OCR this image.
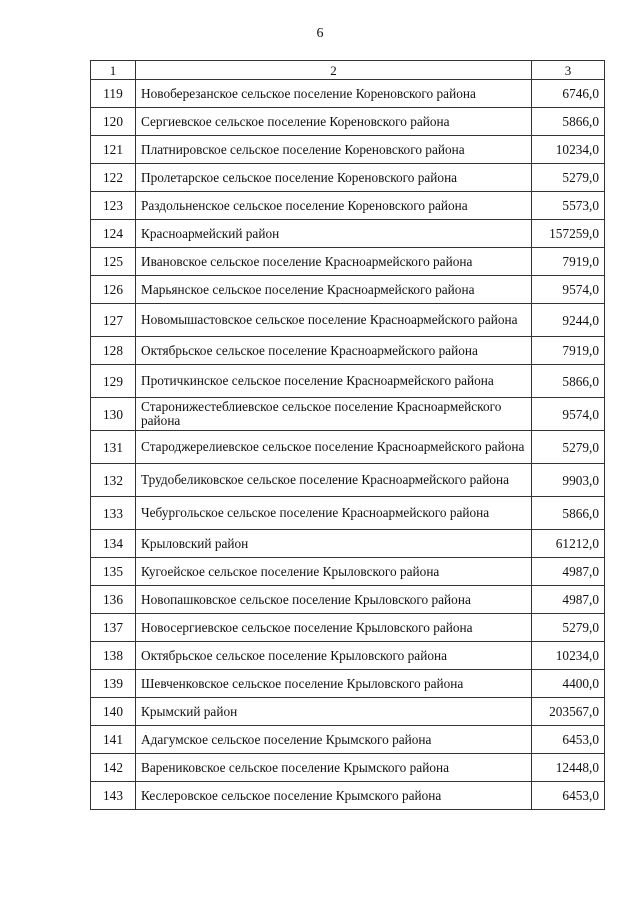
6
1	2	3
119	Новоберезанское сельское поселение Кореновского района	6746,0
120	Сергиевское сельское поселение Кореновского района	5866,0
121	Платнировское сельское поселение Кореновского района	10234,0
122	Пролетарское сельское поселение Кореновского района	5279,0
123	Раздольненское сельское поселение Кореновского района	5573,0
124	Красноармейский район	157259,0
125	Ивановское сельское поселение Красноармейского района	7919,0
126	Марьянское сельское поселение Красноармейского района	9574,0
127	Новомышастовское сельское поселение Красноармейского района	9244,0
128	Октябрьское сельское поселение Красноармейского района	7919,0
129	Протичкинское сельское поселение Красноармейского района	5866,0
130	Старонижестеблиевское сельское поселение Красноармейского района	9574,0
131	Староджерелиевское сельское поселение Красноармейского района	5279,0
132	Трудобеликовское сельское поселение Красноармейского района	9903,0
133	Чебургольское сельское поселение Красноармейского района	5866,0
134	Крыловский район	61212,0
135	Кугоейское сельское поселение Крыловского района	4987,0
136	Новопашковское сельское поселение Крыловского района	4987,0
137	Новосергиевское сельское поселение Крыловского района	5279,0
138	Октябрьское сельское поселение Крыловского района	10234,0
139	Шевченковское сельское поселение Крыловского района	4400,0
140	Крымский район	203567,0
141	Адагумское сельское поселение Крымского района	6453,0
142	Варениковское сельское поселение Крымского района	12448,0
143	Кеслеровское сельское поселение Крымского района	6453,0
